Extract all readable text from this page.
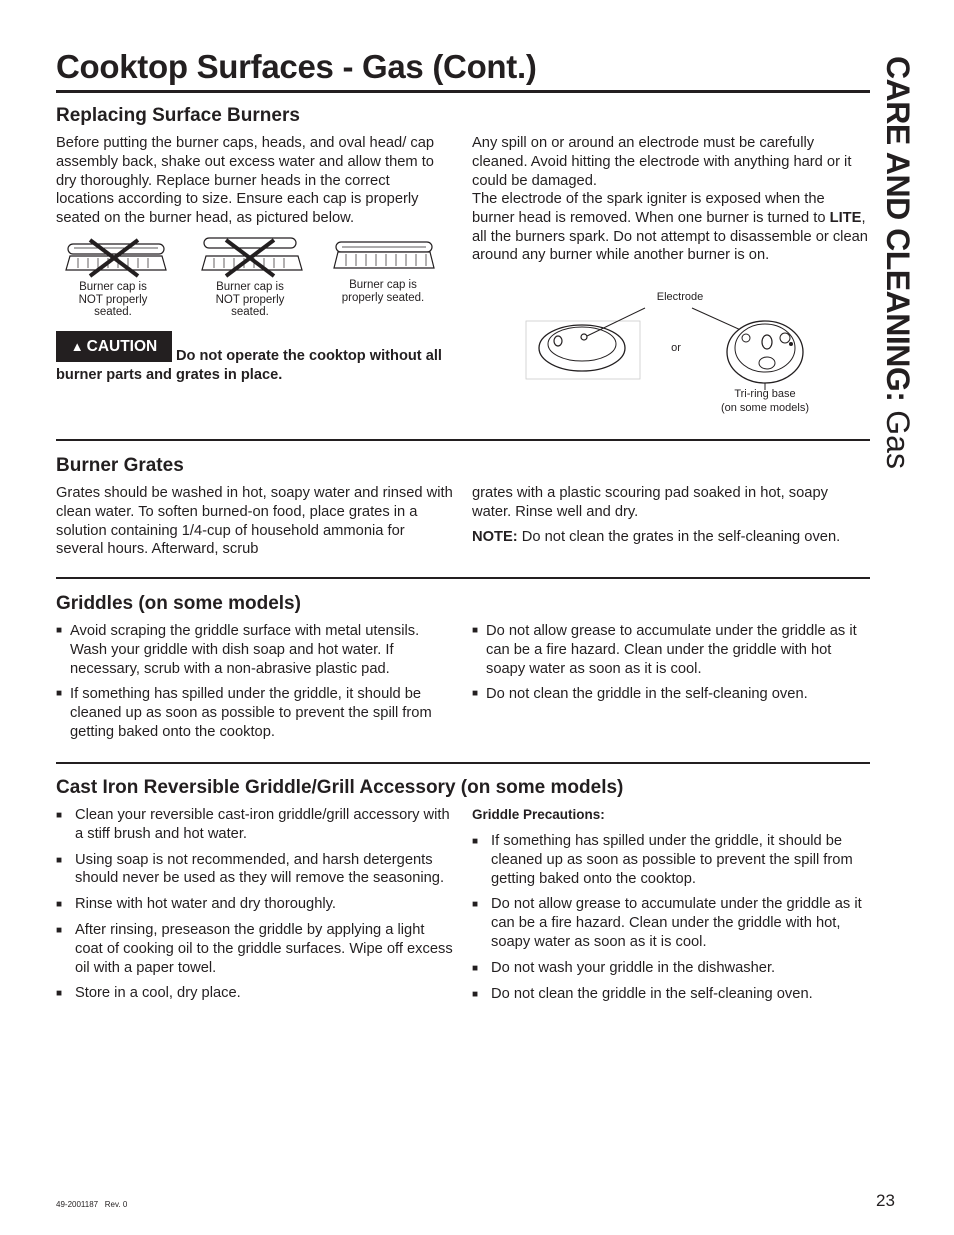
Cooktop Surfaces - Gas (Cont.)	CARE AND CLEANING: Gas
Replacing Surface Burners
Before putting the burner caps, heads, and oval head/ cap assembly back, shake out excess water and allow them to dry thoroughly. Replace burner heads in the correct locations according to size. Ensure each cap is properly seated on the burner head, as pictured below.
Any spill on or around an electrode must be carefully cleaned. Avoid hitting the electrode with anything hard or it could be damaged.
The electrode of the spark igniter is exposed when the burner head is removed. When one burner is turned to LITE, all the burners spark. Do not attempt to disassemble or clean around any burner while another burner is on.
Burner cap is NOT properly seated.
Burner cap is NOT properly seated.
Burner cap is properly seated.
▲ CAUTION
Do not operate the cooktop without all burner parts and grates in place.
Electrode
or
Tri-ring base
(on some models)
Burner Grates
Grates should be washed in hot, soapy water and rinsed with clean water. To soften burned-on food, place grates in a solution containing 1/4-cup of household ammonia for several hours. Afterward, scrub
grates with a plastic scouring pad soaked in hot, soapy water. Rinse well and dry.
NOTE: Do not clean the grates in the self-cleaning oven.
Griddles (on some models)
■ Avoid scraping the griddle surface with metal utensils. Wash your griddle with dish soap and hot water. If necessary, scrub with a non-abrasive plastic pad.
■ If something has spilled under the griddle, it should be cleaned up as soon as possible to prevent the spill from getting baked onto the cooktop.
■ Do not allow grease to accumulate under the griddle as it can be a fire hazard. Clean under the griddle with hot soapy water as soon as it is cool.
■ Do not clean the griddle in the self-cleaning oven.
Cast Iron Reversible Griddle/Grill Accessory (on some models)
■ Clean your reversible cast-iron griddle/grill accessory with a stiff brush and hot water.
■ Using soap is not recommended, and harsh detergents should never be used as they will remove the seasoning.
■ Rinse with hot water and dry thoroughly.
■ After rinsing, preseason the griddle by applying a light coat of cooking oil to the griddle surfaces. Wipe off excess oil with a paper towel.
■ Store in a cool, dry place.
Griddle Precautions:
■ If something has spilled under the griddle, it should be cleaned up as soon as possible to prevent the spill from getting baked onto the cooktop.
■ Do not allow grease to accumulate under the griddle as it can be a fire hazard. Clean under the griddle with hot, soapy water as soon as it is cool.
■ Do not wash your griddle in the dishwasher.
■ Do not clean the griddle in the self-cleaning oven.
49-2001187   Rev. 0	23
